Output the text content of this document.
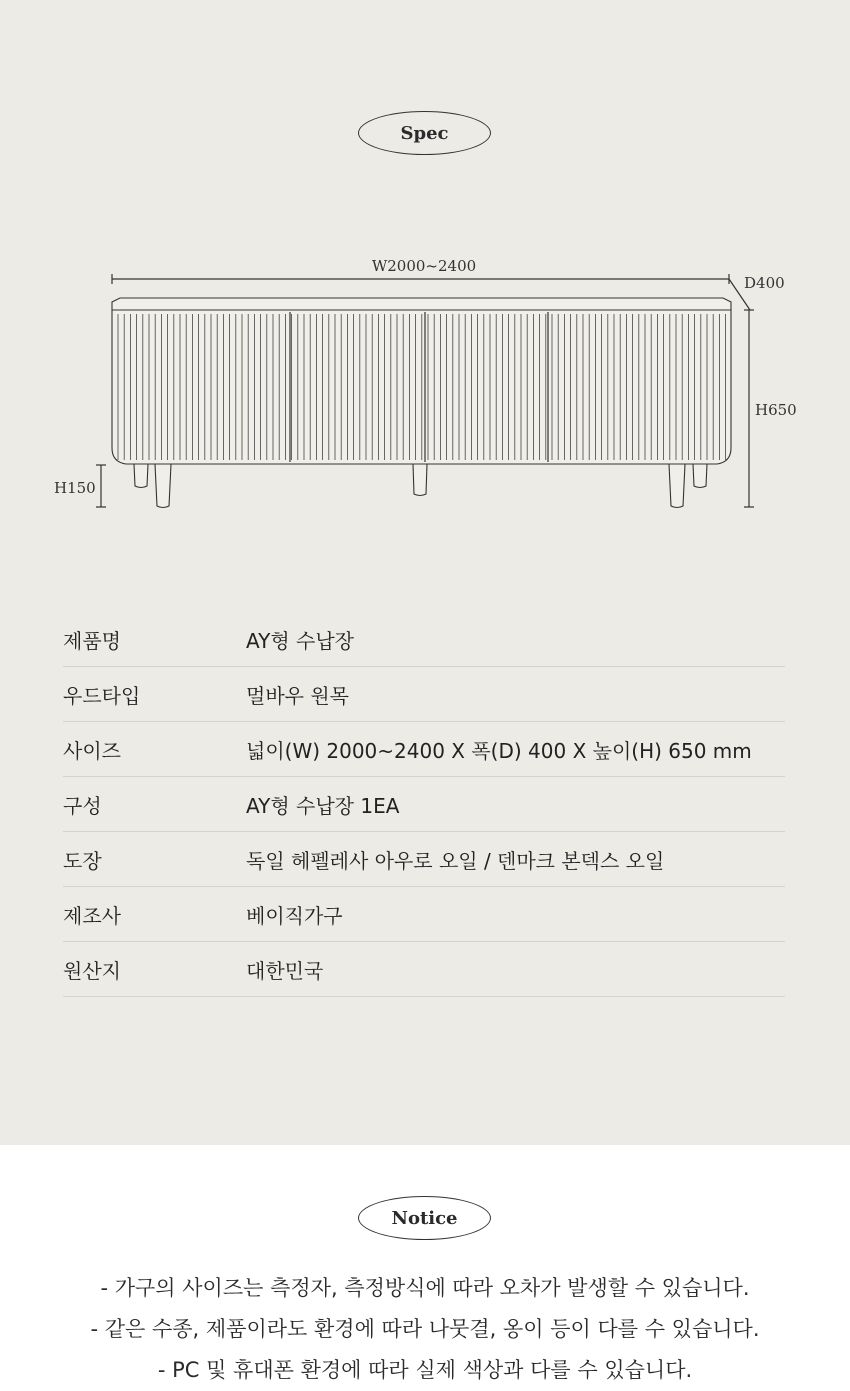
Spec
W2000~2400
D400
H650
H150
제품명	AY형 수납장
우드타입	멀바우 원목
사이즈	넓이(W) 2000~2400 X 폭(D) 400 X 높이(H) 650 mm
구성	AY형 수납장 1EA
도장	독일 헤펠레사 아우로 오일 / 덴마크 본덱스 오일
제조사	베이직가구
원산지	대한민국
Notice
- 가구의 사이즈는 측정자, 측정방식에 따라 오차가 발생할 수 있습니다.
- 같은 수종, 제품이라도 환경에 따라 나뭇결, 옹이 등이 다를 수 있습니다.
- PC 및 휴대폰 환경에 따라 실제 색상과 다를 수 있습니다.
